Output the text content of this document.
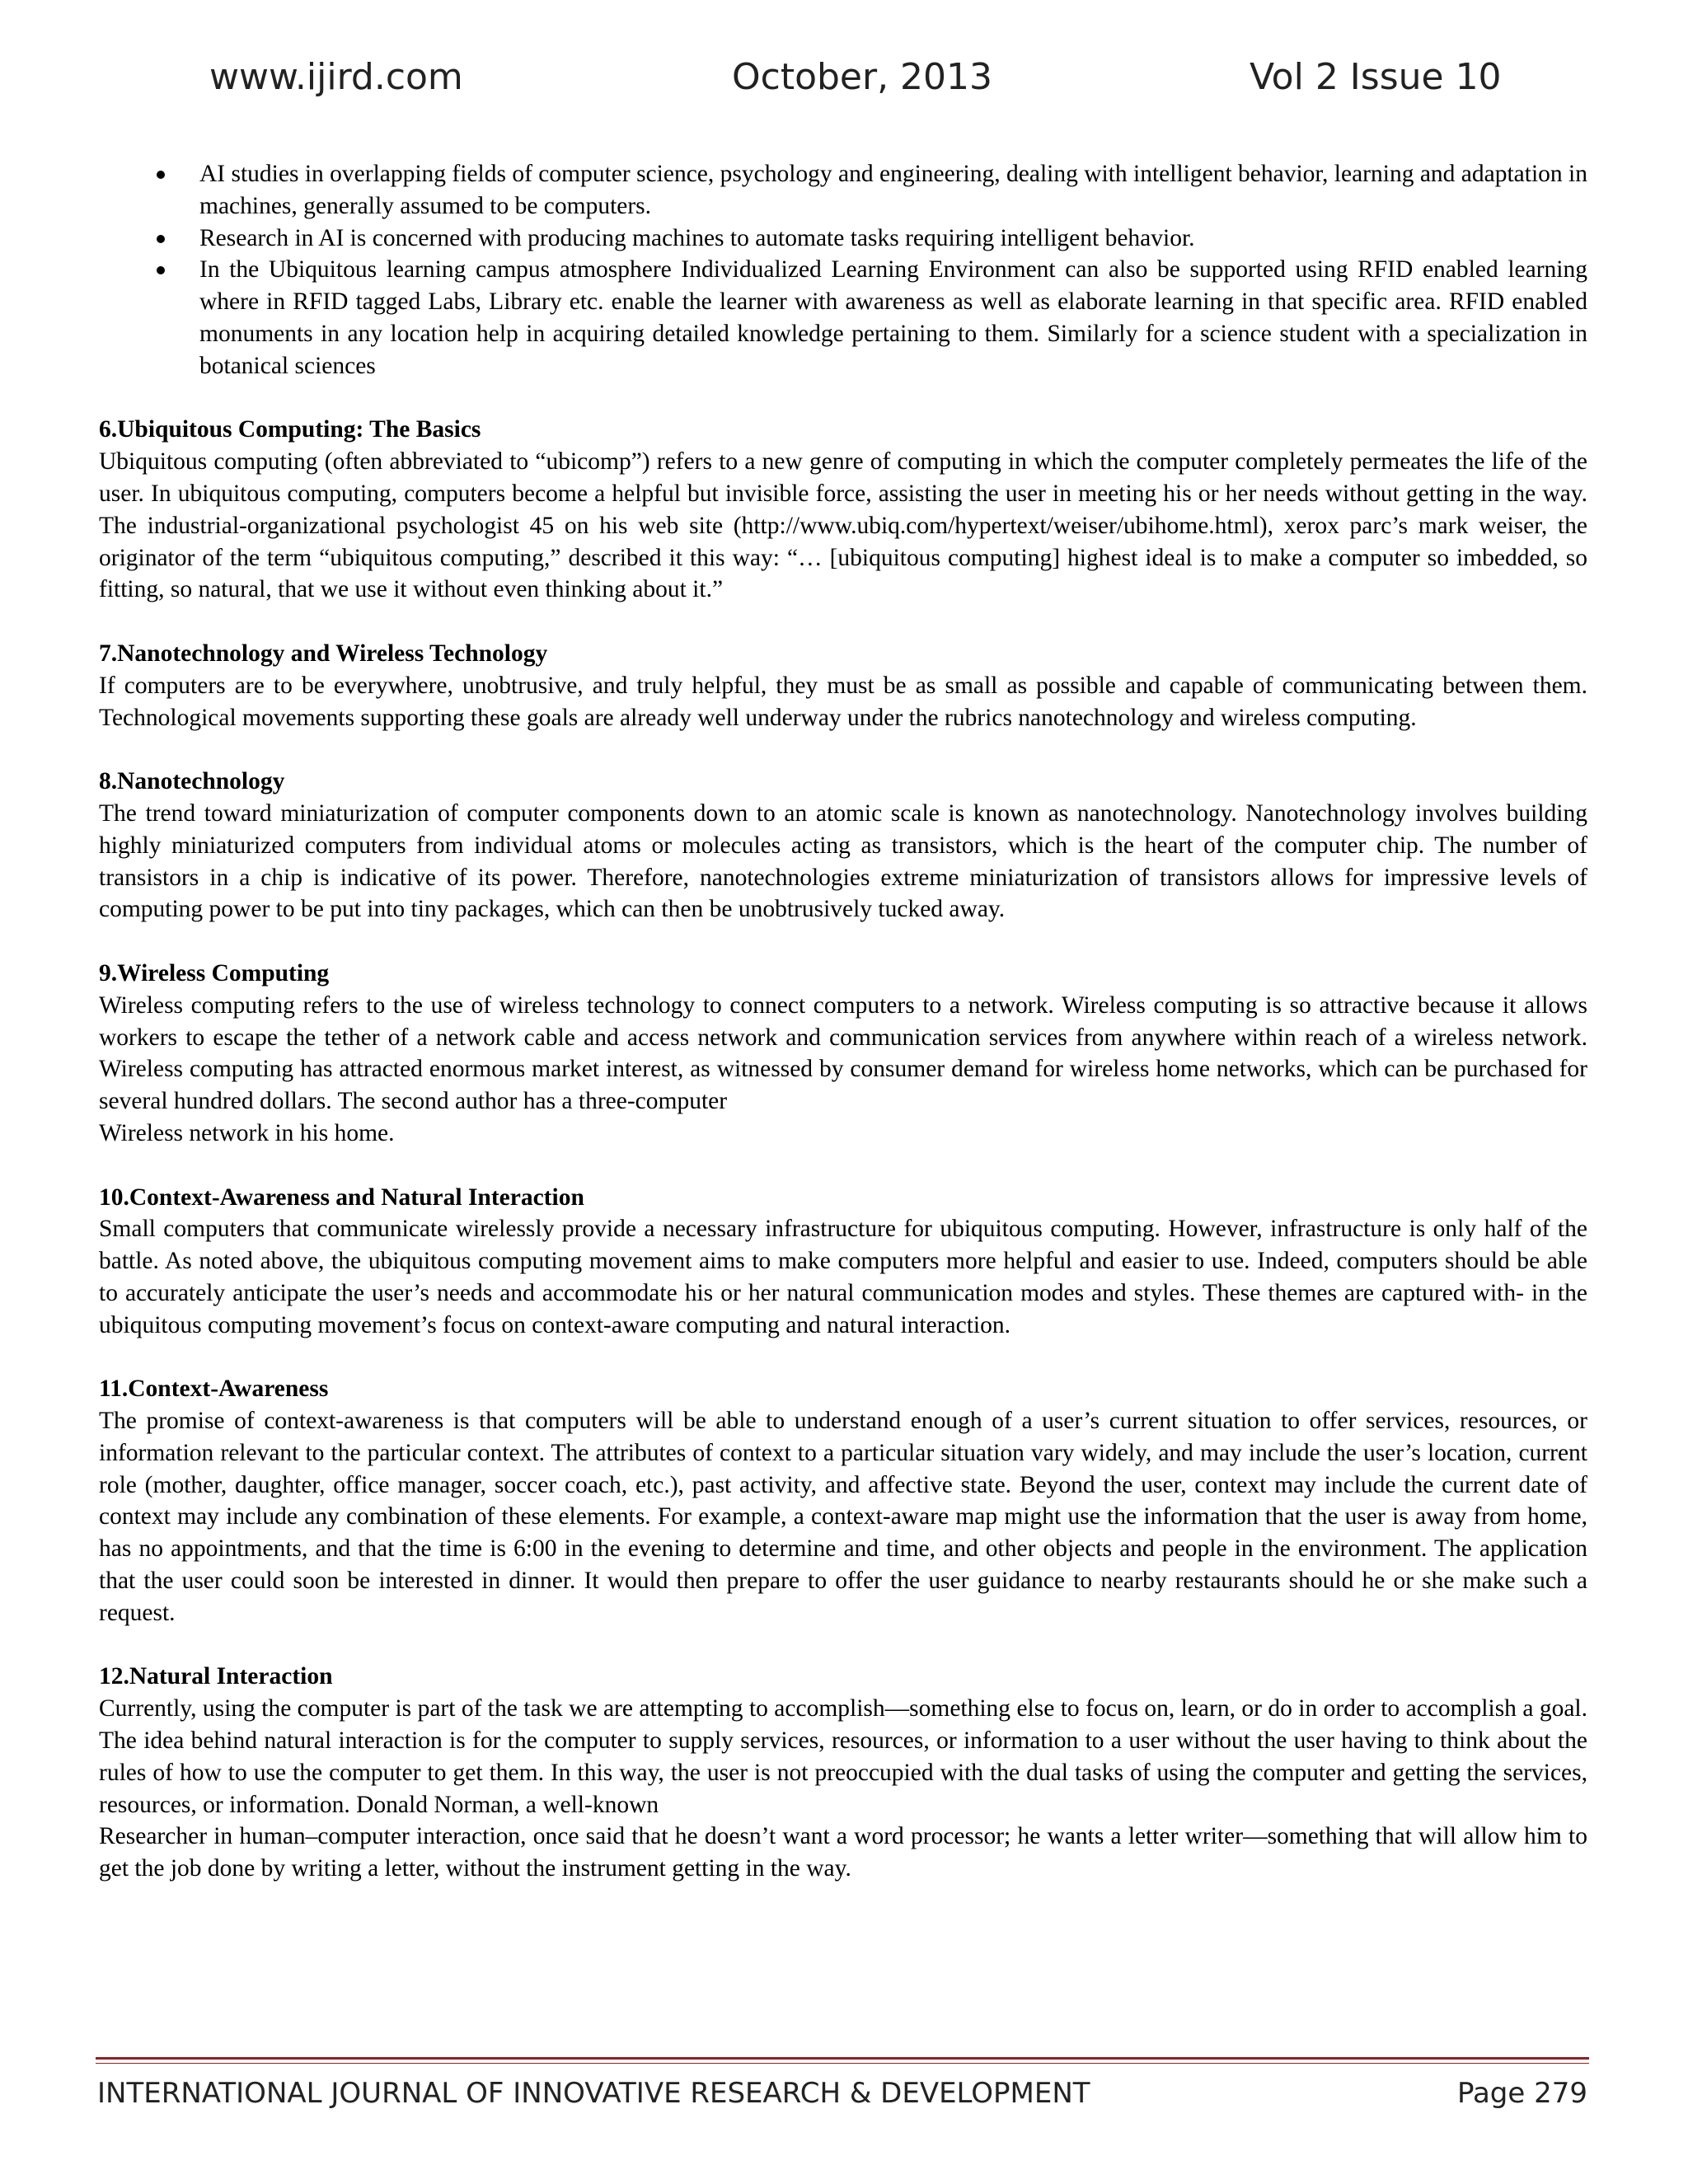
www.ijird.com	October, 2013	Vol 2 Issue 10
AI studies in overlapping fields of computer science, psychology and engineering, dealing with intelligent behavior, learning and adaptation in machines, generally assumed to be computers.
Research in AI is concerned with producing machines to automate tasks requiring intelligent behavior.
In the Ubiquitous learning campus atmosphere Individualized Learning Environment can also be supported using RFID enabled learning where in RFID tagged Labs, Library etc. enable the learner with awareness as well as elaborate learning in that specific area. RFID enabled monuments in any location help in acquiring detailed knowledge pertaining to them. Similarly for a science student with a specialization in botanical sciences
6.Ubiquitous Computing: The Basics

Ubiquitous computing (often abbreviated to “ubicomp”) refers to a new genre of computing in which the computer completely permeates the life of the user. In ubiquitous computing, computers become a helpful but invisible force, assisting the user in meeting his or her needs without getting in the way. The industrial-organizational psychologist 45 on his web site (http://www.ubiq.com/hypertext/weiser/ubihome.html), xerox parc’s mark weiser, the originator of the term “ubiquitous computing,” described it this way: “… [ubiquitous computing] highest ideal is to make a computer so imbedded, so fitting, so natural, that we use it without even thinking about it.”

7.Nanotechnology and Wireless Technology

If computers are to be everywhere, unobtrusive, and truly helpful, they must be as small as possible and capable of communicating between them. Technological movements supporting these goals are already well underway under the rubrics nanotechnology and wireless computing.

8.Nanotechnology

The trend toward miniaturization of computer components down to an atomic scale is known as nanotechnology. Nanotechnology involves building highly miniaturized computers from individual atoms or molecules acting as transistors, which is the heart of the computer chip. The number of transistors in a chip is indicative of its power. Therefore, nanotechnologies extreme miniaturization of transistors allows for impressive levels of computing power to be put into tiny packages, which can then be unobtrusively tucked away.

9.Wireless Computing

Wireless computing refers to the use of wireless technology to connect computers to a network. Wireless computing is so attractive because it allows workers to escape the tether of a network cable and access network and communication services from anywhere within reach of a wireless network. Wireless computing has attracted enormous market interest, as witnessed by consumer demand for wireless home networks, which can be purchased for several hundred dollars. The second author has a three-computer

Wireless network in his home.

10.Context-Awareness and Natural Interaction

Small computers that communicate wirelessly provide a necessary infrastructure for ubiquitous computing. However, infrastructure is only half of the battle. As noted above, the ubiquitous computing movement aims to make computers more helpful and easier to use. Indeed, computers should be able to accurately anticipate the user’s needs and accommodate his or her natural communication modes and styles. These themes are captured with- in the ubiquitous computing movement’s focus on context-aware computing and natural interaction.

11.Context-Awareness

The promise of context-awareness is that computers will be able to understand enough of a user’s current situation to offer services, resources, or information relevant to the particular context. The attributes of context to a particular situation vary widely, and may include the user’s location, current role (mother, daughter, office manager, soccer coach, etc.), past activity, and affective state. Beyond the user, context may include the current date of context may include any combination of these elements. For example, a context-aware map might use the information that the user is away from home, has no appointments, and that the time is 6:00 in the evening to determine and time, and other objects and people in the environment. The application that the user could soon be interested in dinner. It would then prepare to offer the user guidance to nearby restaurants should he or she make such a request.

12.Natural Interaction

Currently, using the computer is part of the task we are attempting to accomplish—something else to focus on, learn, or do in order to accomplish a goal. The idea behind natural interaction is for the computer to supply services, resources, or information to a user without the user having to think about the rules of how to use the computer to get them. In this way, the user is not preoccupied with the dual tasks of using the computer and getting the services, resources, or information. Donald Norman, a well-known

Researcher in human–computer interaction, once said that he doesn’t want a word processor; he wants a letter writer—something that will allow him to get the job done by writing a letter, without the instrument getting in the way.

INTERNATIONAL JOURNAL OF INNOVATIVE RESEARCH & DEVELOPMENT	Page 279
